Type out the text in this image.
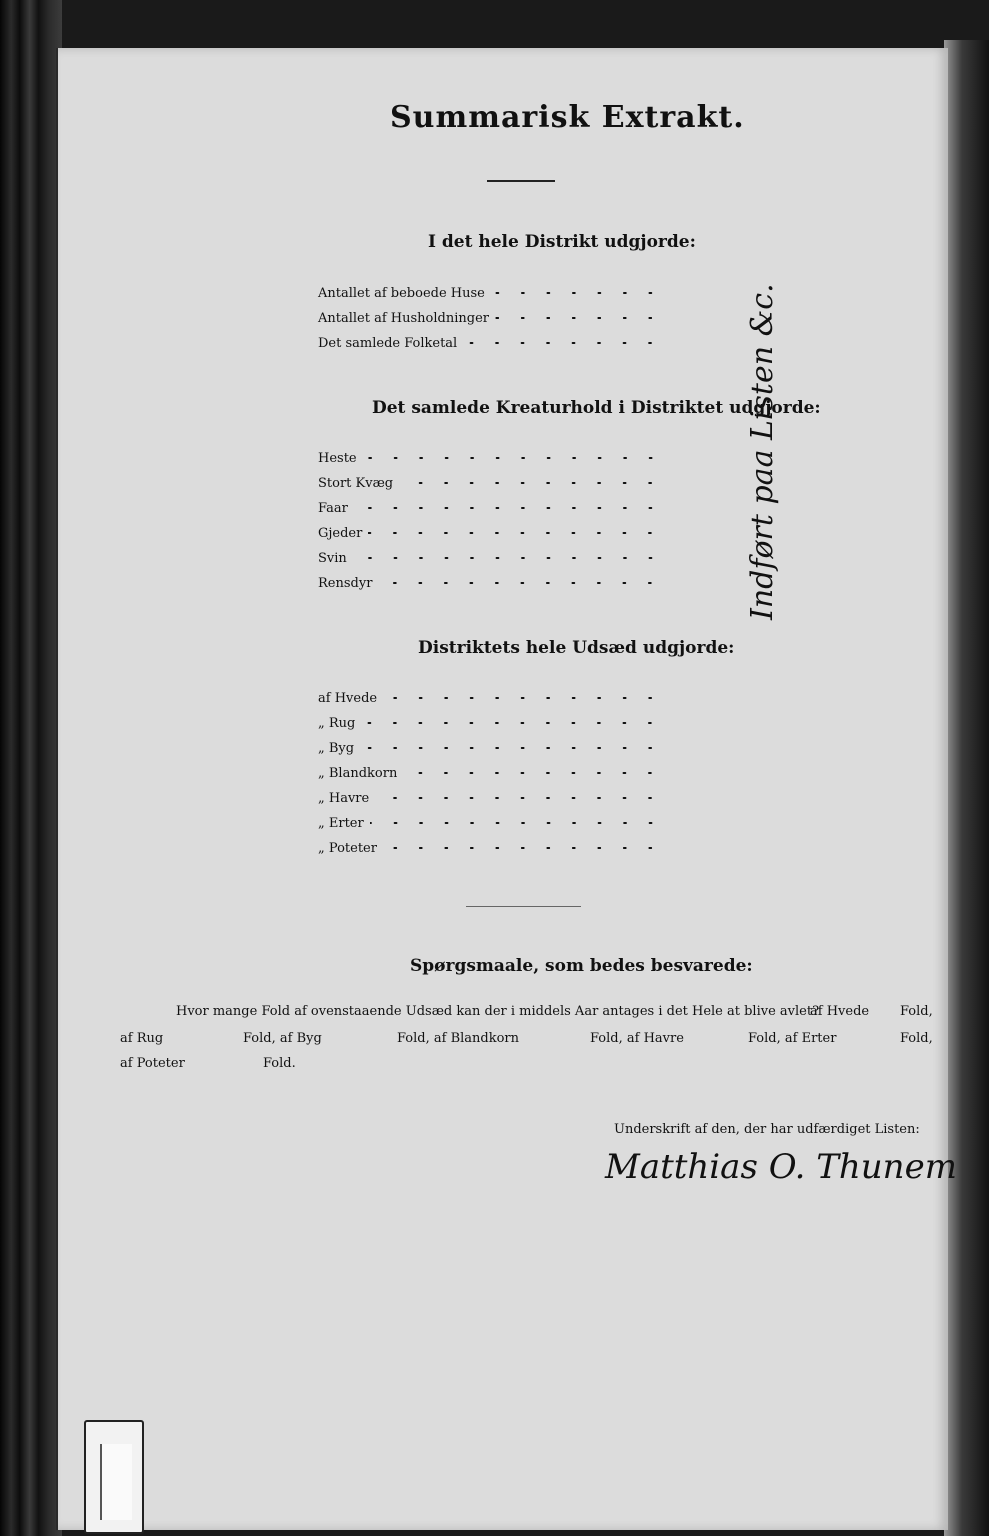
Summarisk Extrakt.
I det hele Distrikt udgjorde:
Antallet af beboede Huse
Antallet af Husholdninger
Det samlede Folketal
Det samlede Kreaturhold i Distriktet udgjorde:
Heste
Stort Kvæg
Faar
Gjeder
Svin
Rensdyr
Distriktets hele Udsæd udgjorde:
af Hvede
„ Rug
„ Byg
„ Blandkorn
„ Havre
„ Erter
„ Poteter
Spørgsmaale, som bedes besvarede:
Hvor mange Fold af ovenstaaende Udsæd kan der i middels Aar antages i det Hele at blive avlet?
af Hvede Fold,
af Rug	Fold, af Byg	Fold, af Blandkorn	Fold, af Havre	Fold, af Erter	Fold,
af Poteter	Fold.
Indført paa Listen &c.
Underskrift af den, der har udfærdiget Listen:
Matthias O. Thunem
